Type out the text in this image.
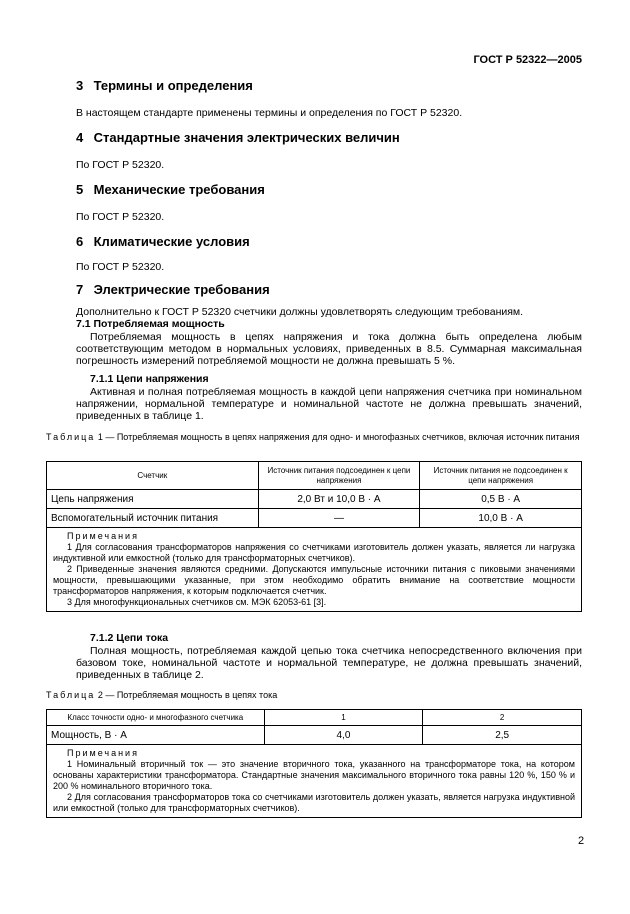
ГОСТ Р 52322—2005
3 Термины и определения
В настоящем стандарте применены термины и определения по ГОСТ Р 52320.
4 Стандартные значения электрических величин
По ГОСТ Р 52320.
5 Механические требования
По ГОСТ Р 52320.
6 Климатические условия
По ГОСТ Р 52320.
7 Электрические требования
Дополнительно к ГОСТ Р 52320 счетчики должны удовлетворять следующим требованиям.
7.1 Потребляемая мощность
Потребляемая мощность в цепях напряжения и тока должна быть определена любым соответствующим методом в нормальных условиях, приведенных в 8.5. Суммарная максимальная погрешность измерений потребляемой мощности не должна превышать 5 %.
7.1.1 Цепи напряжения
Активная и полная потребляемая мощность в каждой цепи напряжения счетчика при номинальном напряжении, нормальной температуре и номинальной частоте не должна превышать значений, приведенных в таблице 1.
Таблица 1 — Потребляемая мощность в цепях напряжения для одно- и многофазных счетчиков, включая источник питания
Счетчик	Источник питания подсоединен к цепи напряжения	Источник питания не подсоединен к цепи напряжения
Цепь напряжения	2,0 Вт и 10,0 В · А	0,5 В · А
Вспомогательный источник питания	—	10,0 В · А

Примечания
1 Для согласования трансформаторов напряжения со счетчиками изготовитель должен указать, является ли нагрузка индуктивной или емкостной (только для трансформаторных счетчиков).
2 Приведенные значения являются средними. Допускаются импульсные источники питания с пиковыми значениями мощности, превышающими указанные, при этом необходимо обратить внимание на соответствие мощности трансформаторов напряжения, к которым подключается счетчик.
3 Для многофункциональных счетчиков см. МЭК 62053-61 [3].		
7.1.2 Цепи тока
Полная мощность, потребляемая каждой цепью тока счетчика непосредственного включения при базовом токе, номинальной частоте и нормальной температуре, не должна превышать значений, приведенных в таблице 2.
Таблица 2 — Потребляемая мощность в цепях тока
Класс точности одно- и многофазного счетчика	1	2
Мощность, В · А	4,0	2,5

Примечания
1 Номинальный вторичный ток — это значение вторичного тока, указанного на трансформаторе тока, на котором основаны характеристики трансформатора. Стандартные значения максимального вторичного тока равны 120 %, 150 % и 200 % номинального вторичного тока.
2 Для согласования трансформаторов тока со счетчиками изготовитель должен указать, является нагрузка индуктивной или емкостной (только для трансформаторных счетчиков).		
2
